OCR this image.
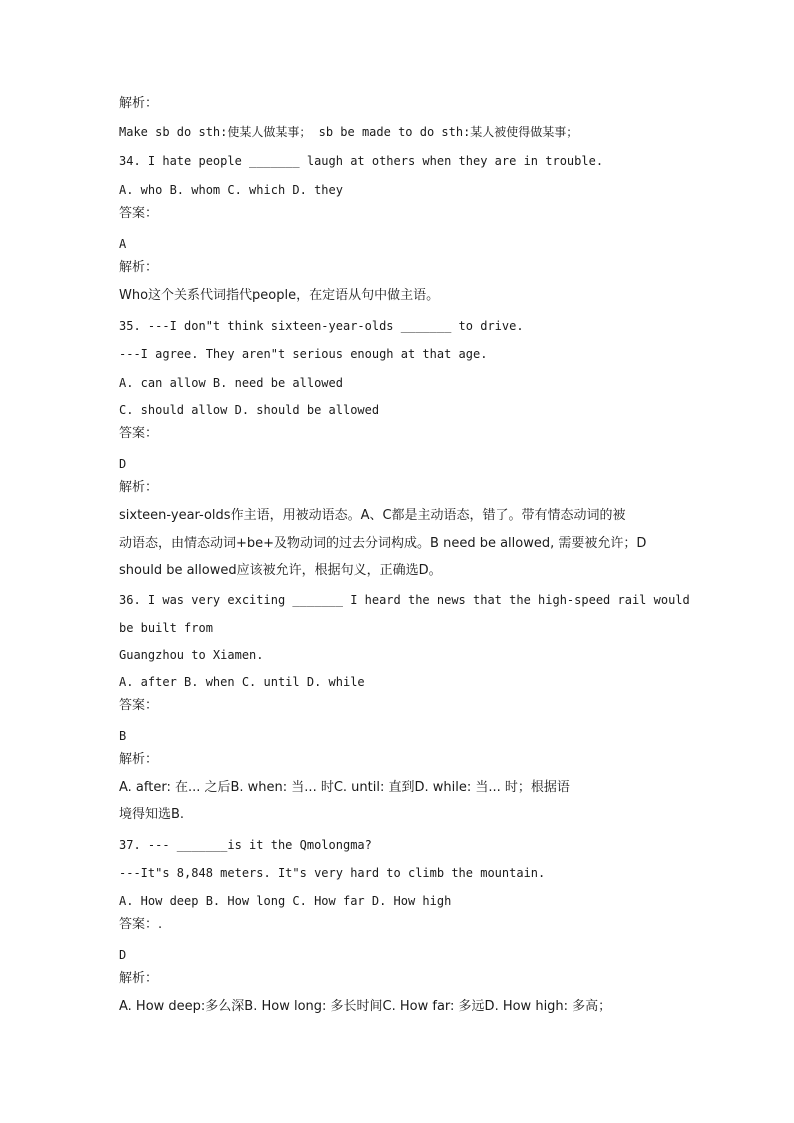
解析：
Make sb do sth:使某人做某事； sb be made to do sth:某人被使得做某事；
34. I hate people _______ laugh at others when they are in trouble.
A. who B. whom C. which D. they
答案：
A
解析：
Who这个关系代词指代people，在定语从句中做主语。
35. ---I don"t think sixteen-year-olds _______ to drive.
---I agree. They aren"t serious enough at that age.
A. can allow B. need be allowed
C. should allow D. should be allowed
答案：
D
解析：
sixteen-year-olds作主语，用被动语态。A、C都是主动语态，错了。带有情态动词的被
动语态，由情态动词+be+及物动词的过去分词构成。B need be allowed, 需要被允许；D
should be allowed应该被允许，根据句义，正确选D。
36. I was very exciting _______ I heard the news that the high-speed rail would
be built from
Guangzhou to Xiamen.
A. after B. when C. until D. while
答案：
B
解析：
A. after: 在... 之后B. when: 当... 时C. until: 直到D. while: 当... 时；根据语
境得知选B.
37. --- _______is it the Qmolongma?
---It"s 8,848 meters. It"s very hard to climb the mountain.
A. How deep B. How long C. How far D. How high
答案：.
D
解析：
A. How deep:多么深B. How long: 多长时间C. How far: 多远D. How high: 多高；
